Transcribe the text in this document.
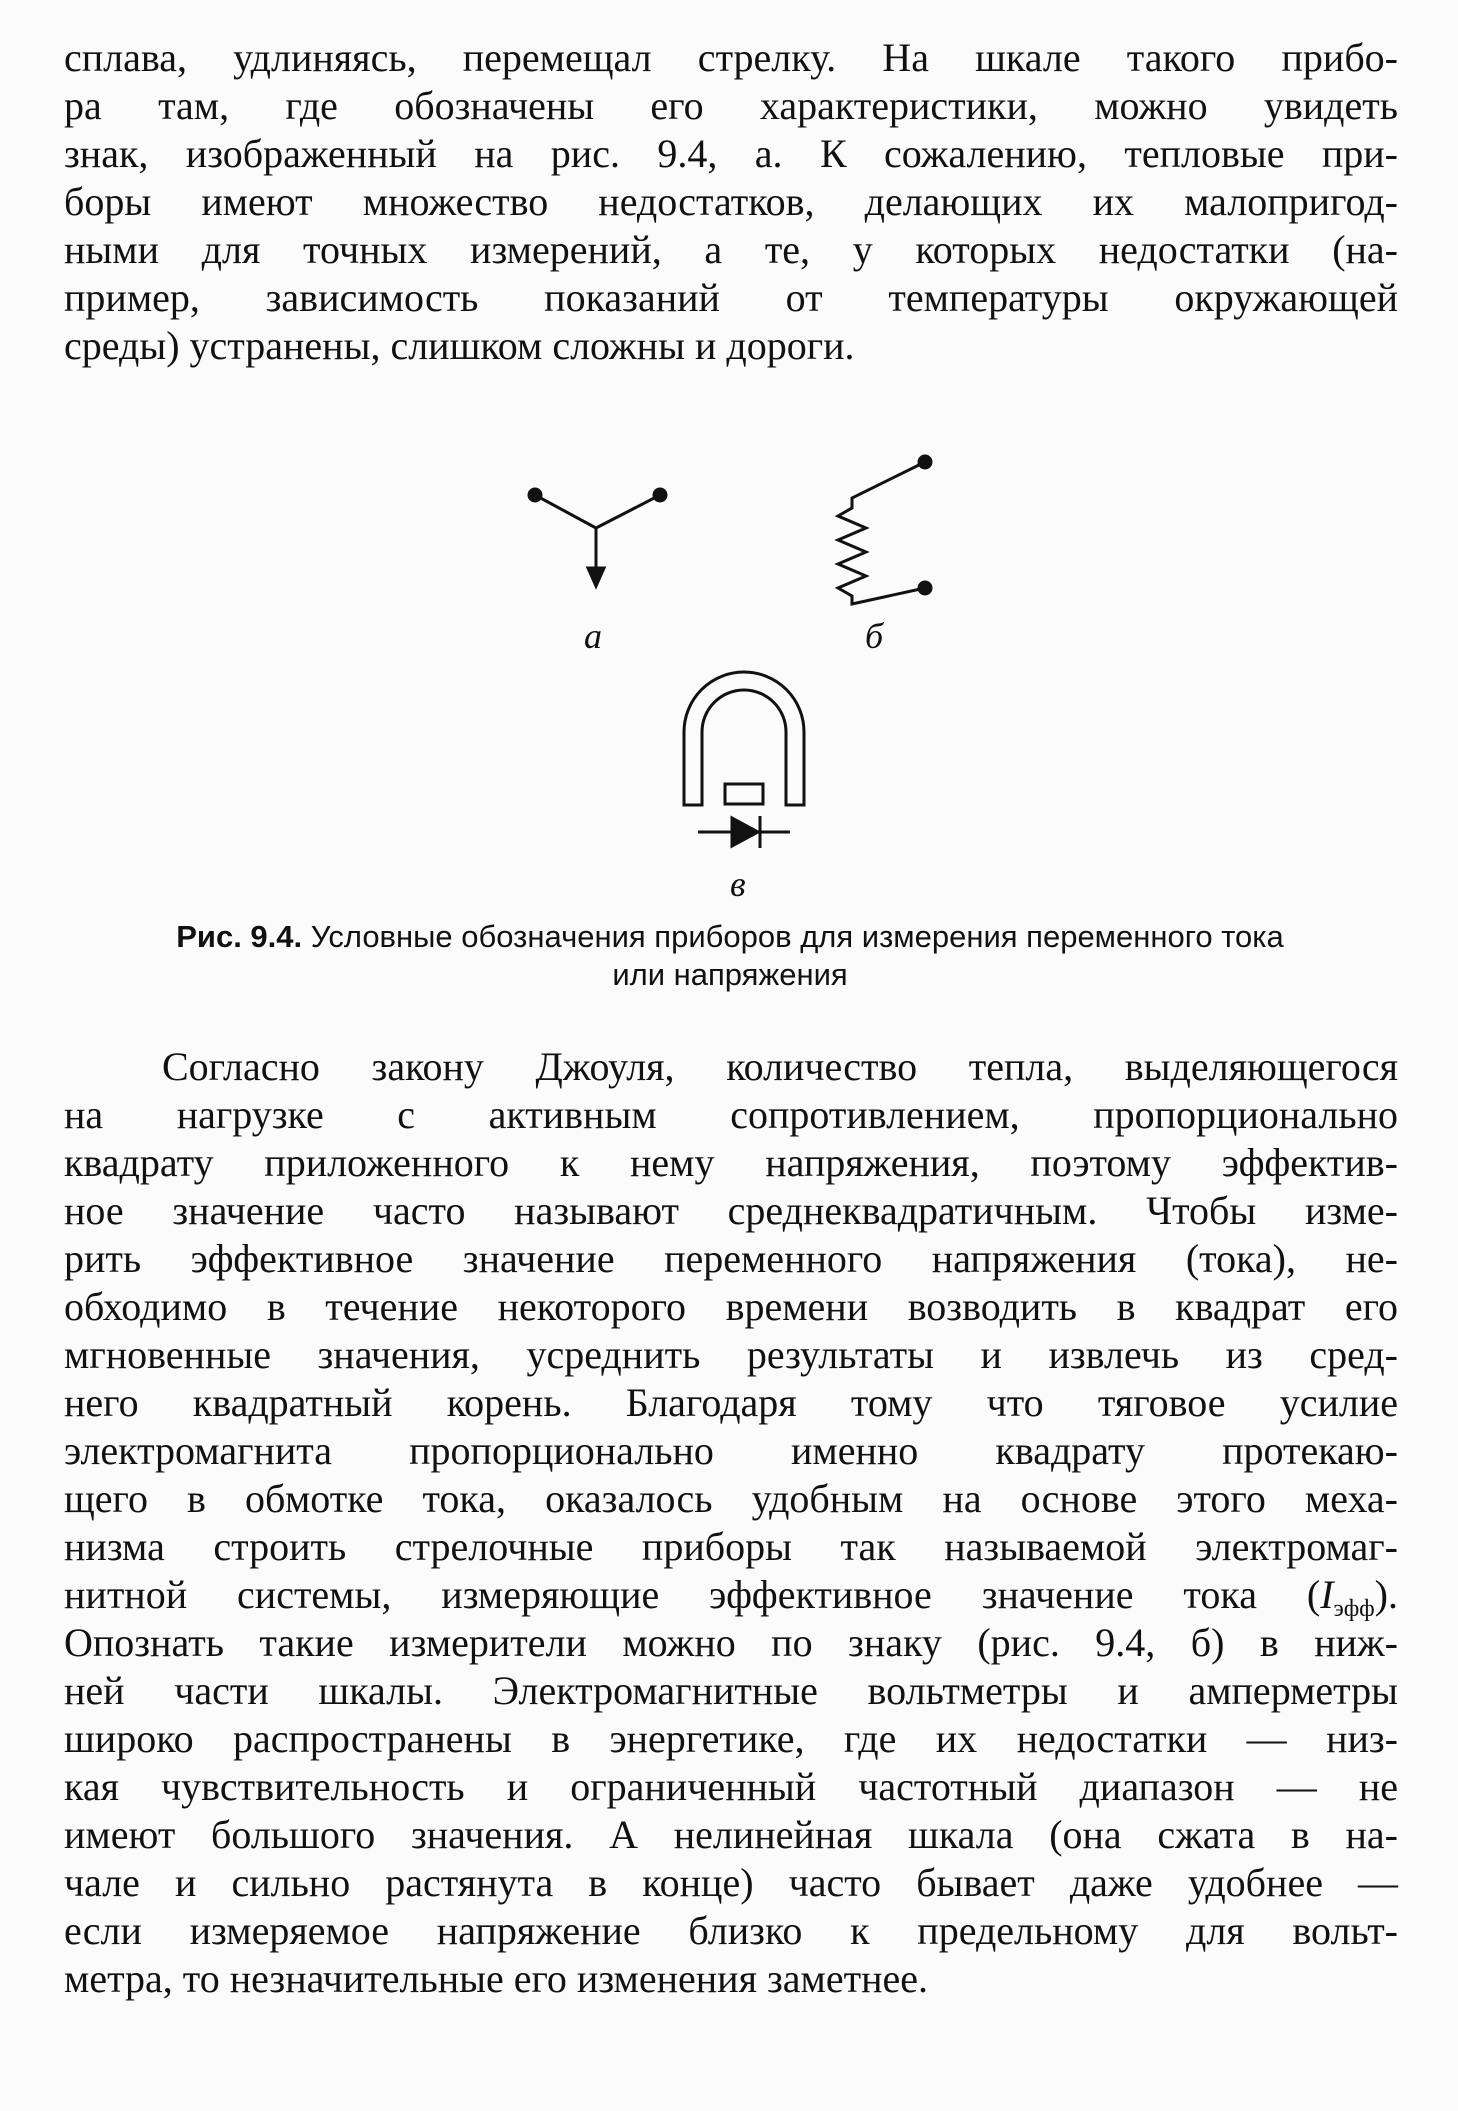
сплава, удлиняясь, перемещал стрелку. На шкале такого прибо-
ра там, где обозначены его характеристики, можно увидеть
знак, изображенный на рис. 9.4, а. К сожалению, тепловые при-
боры имеют множество недостатков, делающих их малопригод-
ными для точных измерений, а те, у которых недостатки (на-
пример, зависимость показаний от температуры окружающей
среды) устранены, слишком сложны и дороги.
а	б
в
Рис. 9.4. Условные обозначения приборов для измерения переменного тока
или напряжения
Согласно закону Джоуля, количество тепла, выделяющегося
на нагрузке с активным сопротивлением, пропорционально
квадрату приложенного к нему напряжения, поэтому эффектив-
ное значение часто называют среднеквадратичным. Чтобы изме-
рить эффективное значение переменного напряжения (тока), не-
обходимо в течение некоторого времени возводить в квадрат его
мгновенные значения, усреднить результаты и извлечь из сред-
него квадратный корень. Благодаря тому что тяговое усилие
электромагнита пропорционально именно квадрату протекаю-
щего в обмотке тока, оказалось удобным на основе этого меха-
низма строить стрелочные приборы так называемой электромаг-
нитной системы, измеряющие эффективное значение тока $(I_{эфф})$.
Опознать такие измерители можно по знаку (рис. 9.4, б) в ниж-
ней части шкалы. Электромагнитные вольтметры и амперметры
широко распространены в энергетике, где их недостатки — низ-
кая чувствительность и ограниченный частотный диапазон — не
имеют большого значения. А нелинейная шкала (она сжата в на-
чале и сильно растянута в конце) часто бывает даже удобнее —
если измеряемое напряжение близко к предельному для вольт-
метра, то незначительные его изменения заметнее.
